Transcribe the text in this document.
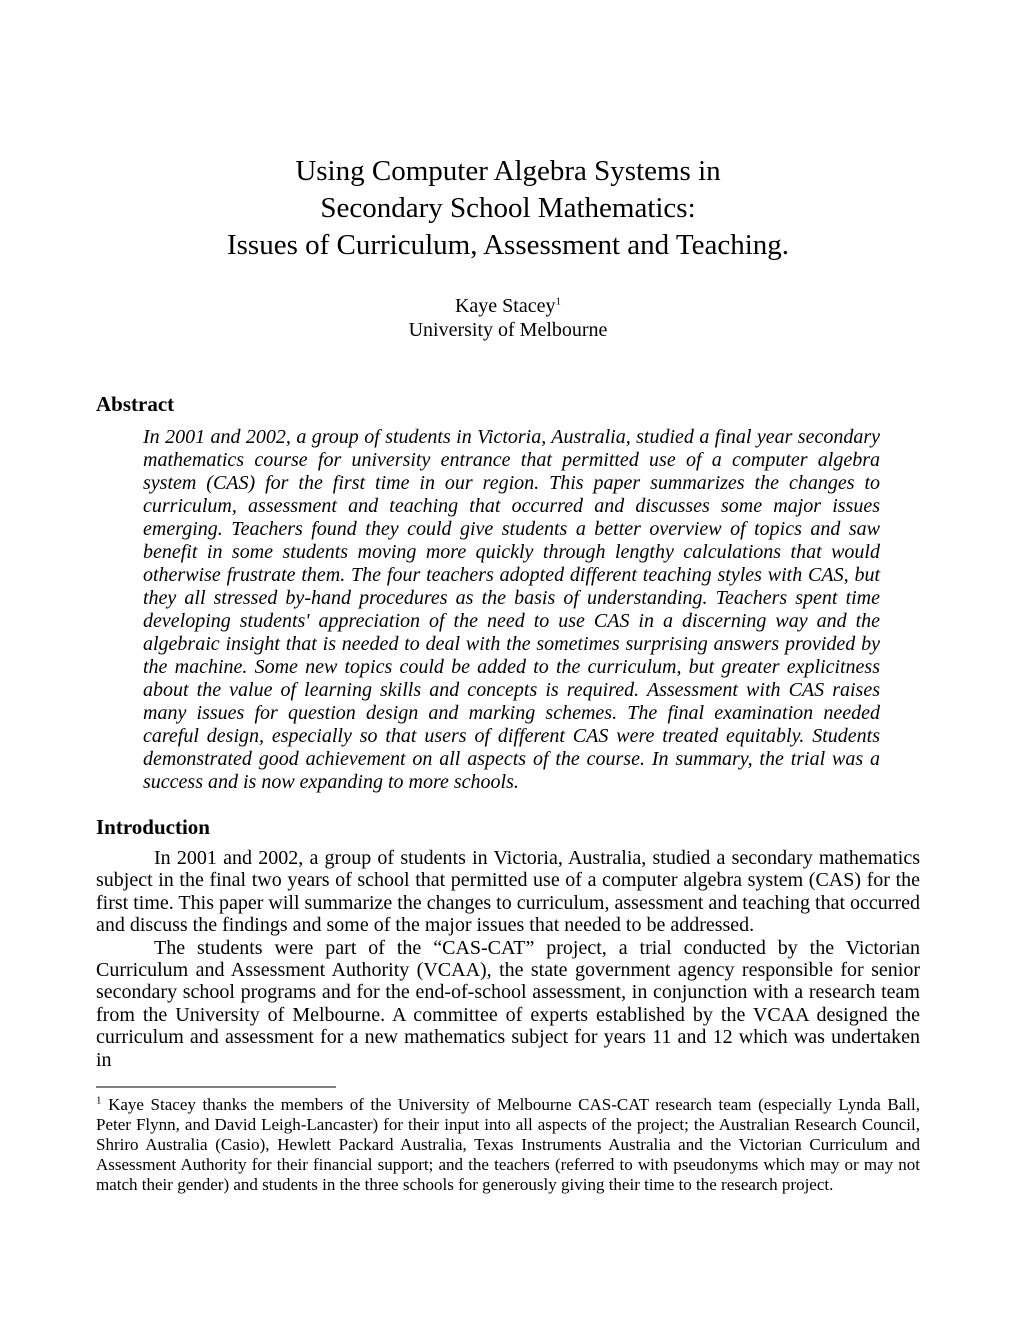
Using Computer Algebra Systems in
Secondary School Mathematics:
Issues of Curriculum, Assessment and Teaching.
Kaye Stacey$^1$
University of Melbourne
Abstract

In 2001 and 2002, a group of students in Victoria, Australia, studied a final year secondary mathematics course for university entrance that permitted use of a computer algebra system (CAS) for the first time in our region. This paper summarizes the changes to curriculum, assessment and teaching that occurred and discusses some major issues emerging. Teachers found they could give students a better overview of topics and saw benefit in some students moving more quickly through lengthy calculations that would otherwise frustrate them. The four teachers adopted different teaching styles with CAS, but they all stressed by-hand procedures as the basis of understanding. Teachers spent time developing students' appreciation of the need to use CAS in a discerning way and the algebraic insight that is needed to deal with the sometimes surprising answers provided by the machine. Some new topics could be added to the curriculum, but greater explicitness about the value of learning skills and concepts is required. Assessment with CAS raises many issues for question design and marking schemes. The final examination needed careful design, especially so that users of different CAS were treated equitably. Students demonstrated good achievement on all aspects of the course. In summary, the trial was a success and is now expanding to more schools.

Introduction

In 2001 and 2002, a group of students in Victoria, Australia, studied a secondary mathematics subject in the final two years of school that permitted use of a computer algebra system (CAS) for the first time. This paper will summarize the changes to curriculum, assessment and teaching that occurred and discuss the findings and some of the major issues that needed to be addressed.

The students were part of the “CAS-CAT” project, a trial conducted by the Victorian Curriculum and Assessment Authority (VCAA), the state government agency responsible for senior secondary school programs and for the end-of-school assessment, in conjunction with a research team from the University of Melbourne. A committee of experts established by the VCAA designed the curriculum and assessment for a new mathematics subject for years 11 and 12 which was undertaken in

$^1$ Kaye Stacey thanks the members of the University of Melbourne CAS-CAT research team (especially Lynda Ball, Peter Flynn, and David Leigh-Lancaster) for their input into all aspects of the project; the Australian Research Council, Shriro Australia (Casio), Hewlett Packard Australia, Texas Instruments Australia and the Victorian Curriculum and Assessment Authority for their financial support; and the teachers (referred to with pseudonyms which may or may not match their gender) and students in the three schools for generously giving their time to the research project.
